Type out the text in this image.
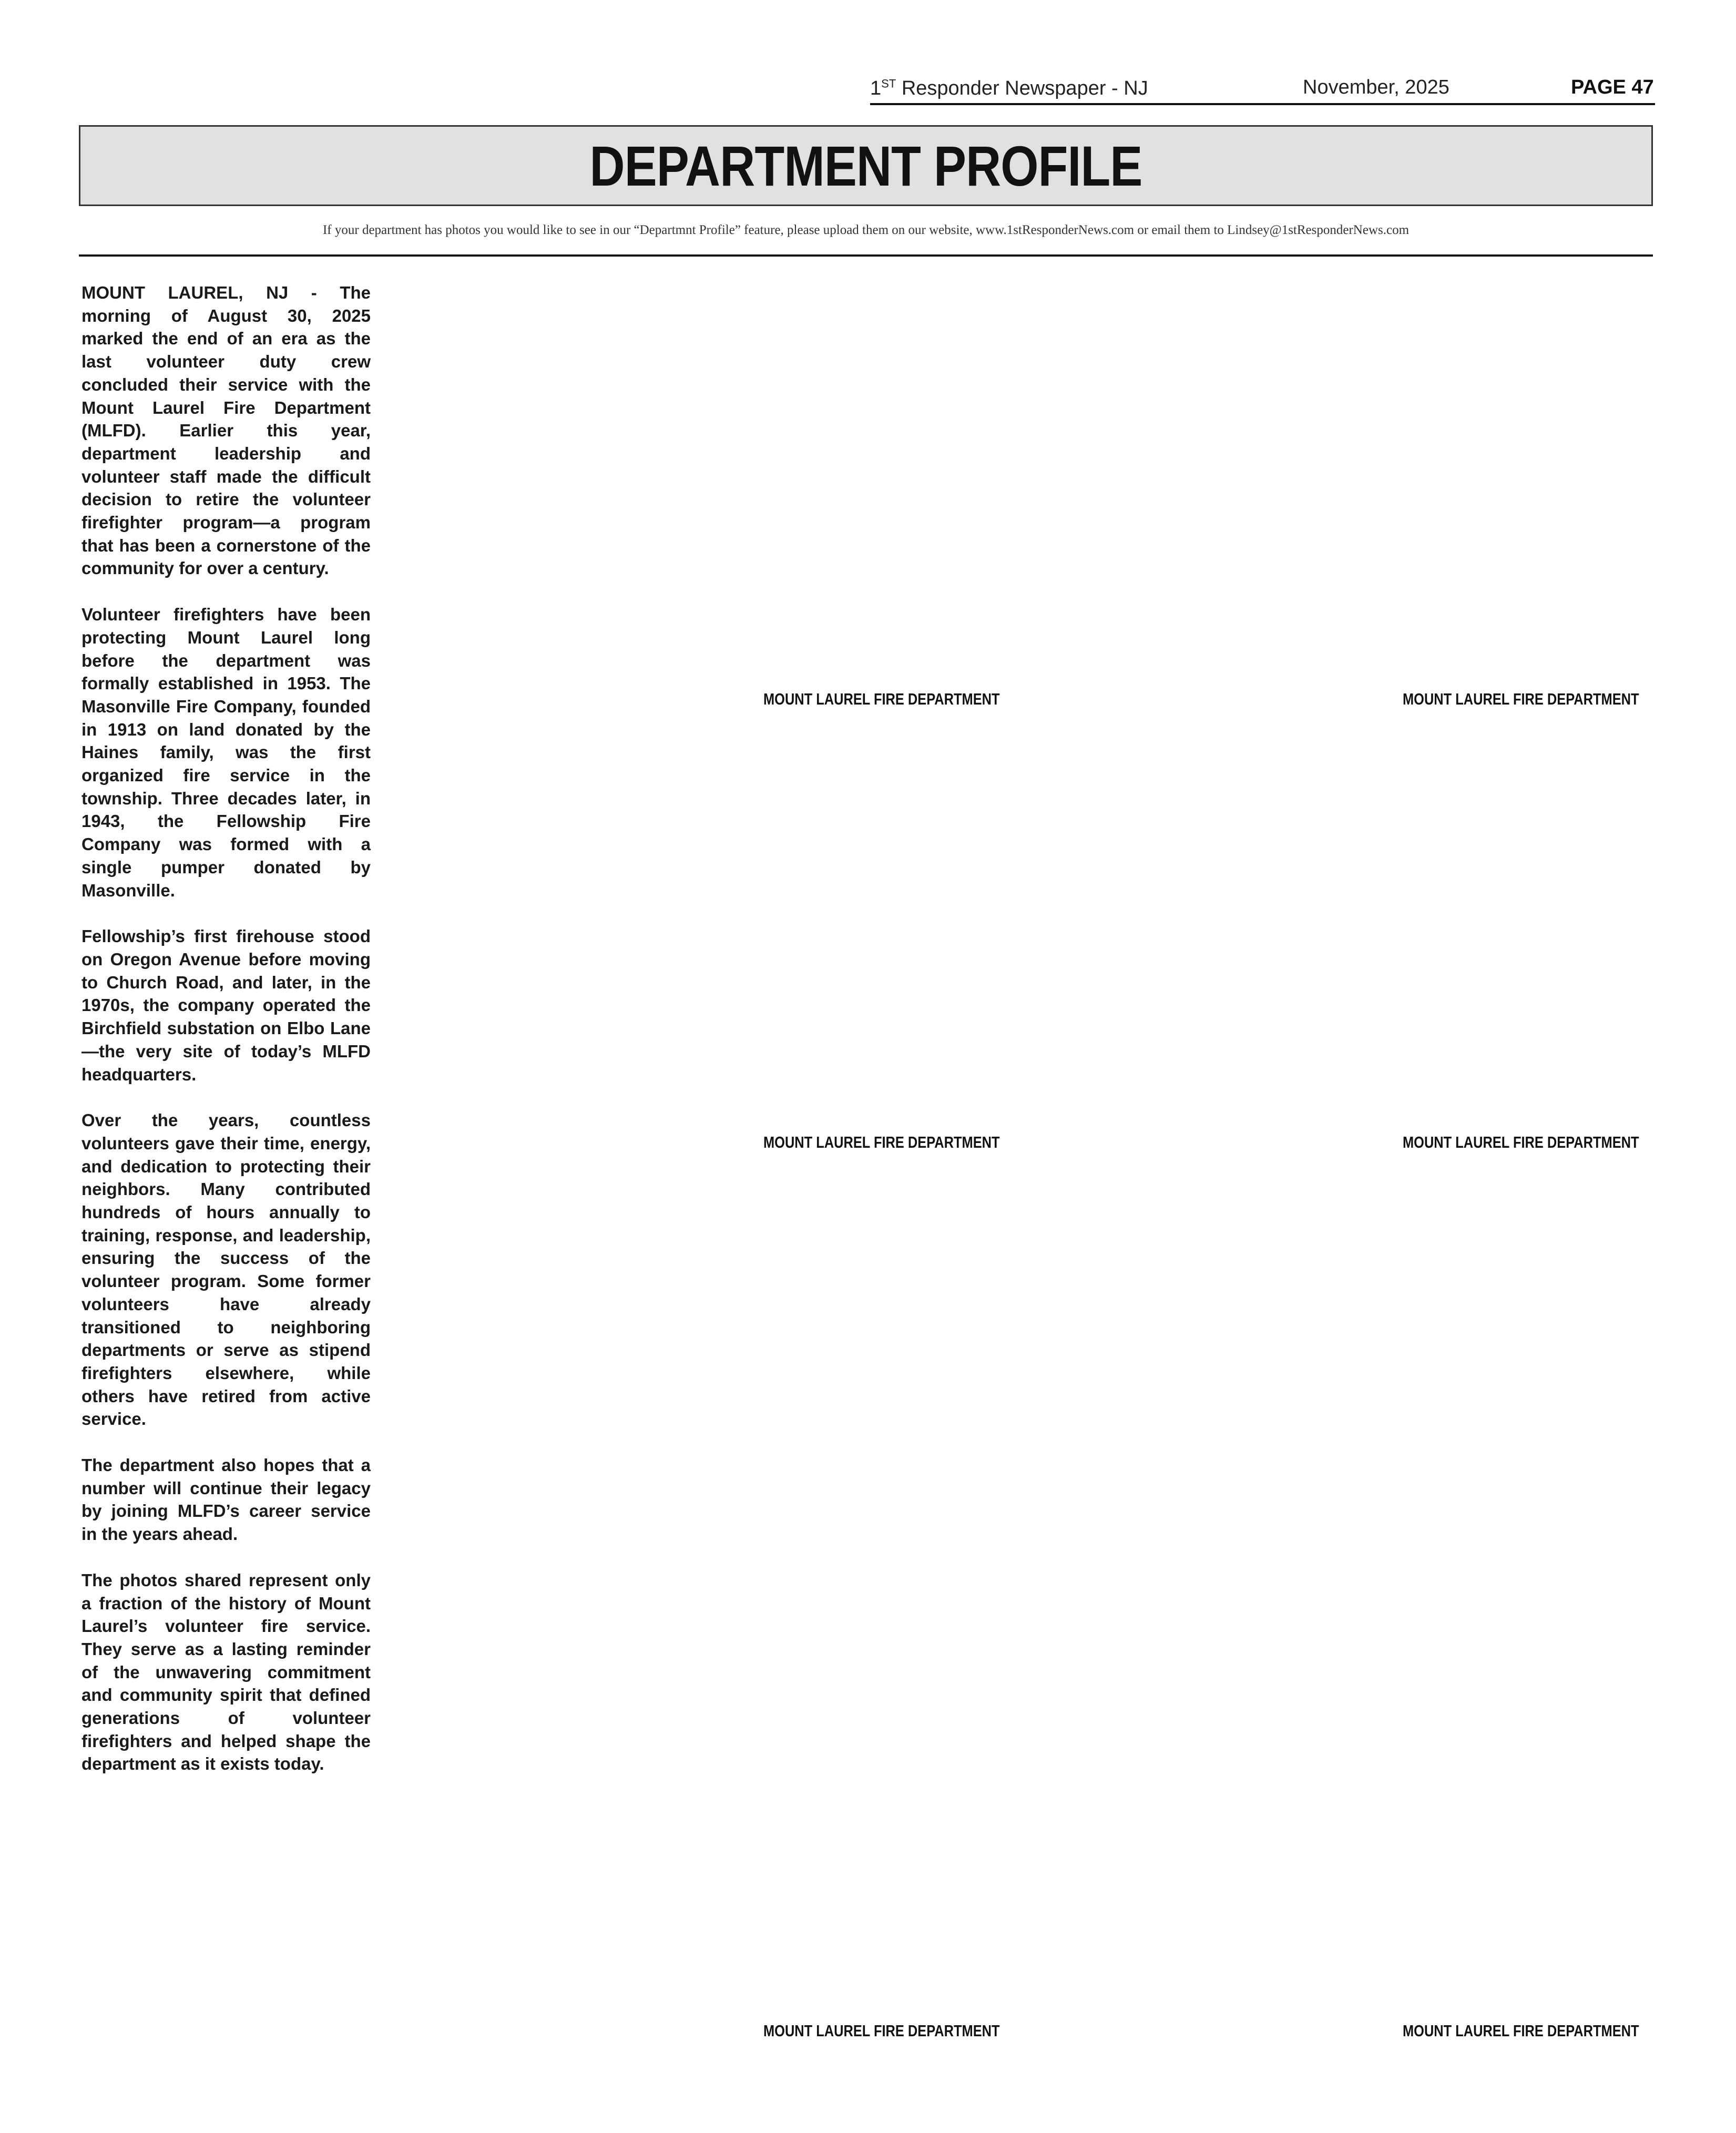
1ST Responder Newspaper - NJ	November, 2025	PAGE 47
DEPARTMENT PROFILE
If your department has photos you would like to see in our “Departmnt Profile” feature, please upload them on our website, www.1stResponderNews.com or email them to Lindsey@1stResponderNews.com

MOUNT LAUREL, NJ - The morning of August 30, 2025 marked the end of an era as the last volunteer duty crew concluded their service with the Mount Laurel Fire Department (MLFD). Earlier this year, department leadership and volunteer staff made the difficult decision to retire the volunteer firefighter program—a program that has been a cornerstone of the community for over a century.

Volunteer firefighters have been protecting Mount Laurel long before the department was formally established in 1953. The Masonville Fire Company, founded in 1913 on land donated by the Haines family, was the first organized fire service in the township. Three decades later, in 1943, the Fellowship Fire Company was formed with a single pumper donated by Masonville.

Fellowship’s first firehouse stood on Oregon Avenue before moving to Church Road, and later, in the 1970s, the company operated the Birchfield substation on Elbo Lane—the very site of today’s MLFD headquarters.

Over the years, countless volunteers gave their time, energy, and dedication to protecting their neighbors. Many contributed hundreds of hours annually to training, response, and leadership, ensuring the success of the volunteer program. Some former volunteers have already transitioned to neighboring departments or serve as stipend firefighters elsewhere, while others have retired from active service.

The department also hopes that a number will continue their legacy by joining MLFD’s career service in the years ahead.

The photos shared represent only a fraction of the history of Mount Laurel’s volunteer fire service. They serve as a lasting reminder of the unwavering commitment and community spirit that defined generations of volunteer firefighters and helped shape the department as it exists today.

MOUNT LAUREL FIRE DEPARTMENT	MOUNT LAUREL FIRE DEPARTMENT
MOUNT LAUREL FIRE DEPARTMENT	MOUNT LAUREL FIRE DEPARTMENT
MOUNT LAUREL FIRE DEPARTMENT	MOUNT LAUREL FIRE DEPARTMENT
